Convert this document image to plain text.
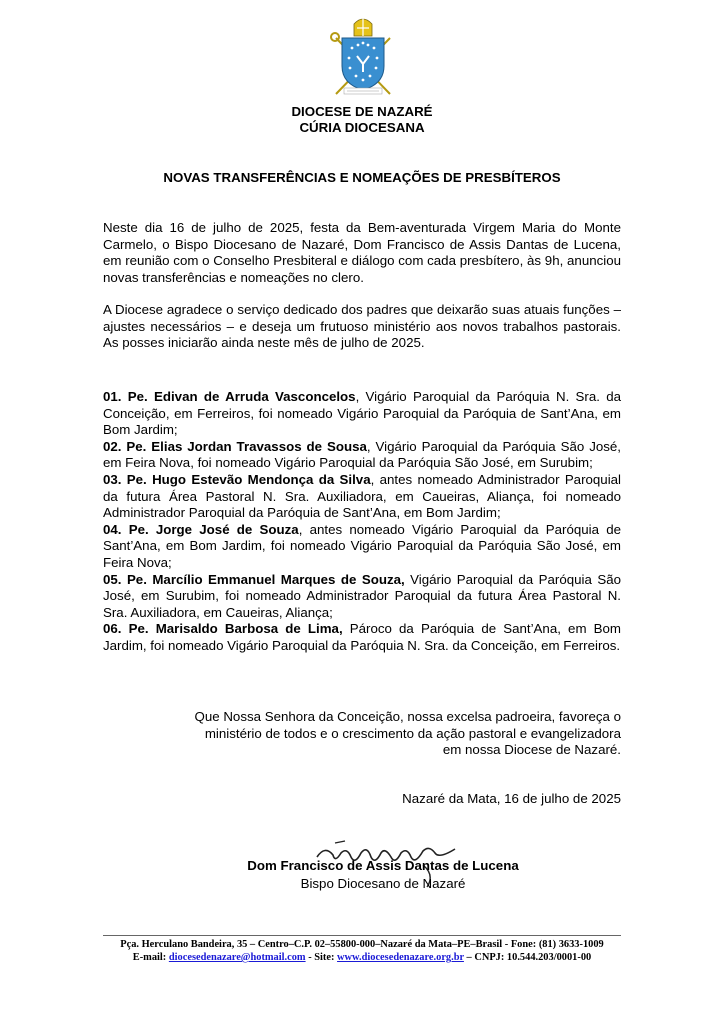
DIOCESE DE NAZARÉ
CÚRIA DIOCESANA
NOVAS TRANSFERÊNCIAS E NOMEAÇÕES DE PRESBÍTEROS
Neste dia 16 de julho de 2025, festa da Bem-aventurada Virgem Maria do Monte Carmelo, o Bispo Diocesano de Nazaré, Dom Francisco de Assis Dantas de Lucena, em reunião com o Conselho Presbiteral e diálogo com cada presbítero, às 9h, anunciou novas transferências e nomeações no clero.
A Diocese agradece o serviço dedicado dos padres que deixarão suas atuais funções – ajustes necessários – e deseja um frutuoso ministério aos novos trabalhos pastorais. As posses iniciarão ainda neste mês de julho de 2025.

01. Pe. Edivan de Arruda Vasconcelos, Vigário Paroquial da Paróquia N. Sra. da Conceição, em Ferreiros, foi nomeado Vigário Paroquial da Paróquia de Sant’Ana, em Bom Jardim;

02. Pe. Elias Jordan Travassos de Sousa, Vigário Paroquial da Paróquia São José, em Feira Nova, foi nomeado Vigário Paroquial da Paróquia São José, em Surubim;

03. Pe. Hugo Estevão Mendonça da Silva, antes nomeado Administrador Paroquial da futura Área Pastoral N. Sra. Auxiliadora, em Caueiras, Aliança, foi nomeado Administrador Paroquial da Paróquia de Sant’Ana, em Bom Jardim;

04. Pe. Jorge José de Souza, antes nomeado Vigário Paroquial da Paróquia de Sant’Ana, em Bom Jardim, foi nomeado Vigário Paroquial da Paróquia São José, em Feira Nova;

05. Pe. Marcílio Emmanuel Marques de Souza, Vigário Paroquial da Paróquia São José, em Surubim, foi nomeado Administrador Paroquial da futura Área Pastoral N. Sra. Auxiliadora, em Caueiras, Aliança;

06. Pe. Marisaldo Barbosa de Lima, Pároco da Paróquia de Sant’Ana, em Bom Jardim, foi nomeado Vigário Paroquial da Paróquia N. Sra. da Conceição, em Ferreiros.

Que Nossa Senhora da Conceição, nossa excelsa padroeira, favoreça o
ministério de todos e o crescimento da ação pastoral e evangelizadora
em nossa Diocese de Nazaré.
Nazaré da Mata, 16 de julho de 2025
Dom Francisco de Assis Dantas de Lucena
Bispo Diocesano de Nazaré
Pça. Herculano Bandeira, 35 – Centro–C.P. 02–55800-000–Nazaré da Mata–PE–Brasil - Fone: (81) 3633-1009
E-mail: diocesedenazare@hotmail.com - Site: www.diocesedenazare.org.br – CNPJ: 10.544.203/0001-00
